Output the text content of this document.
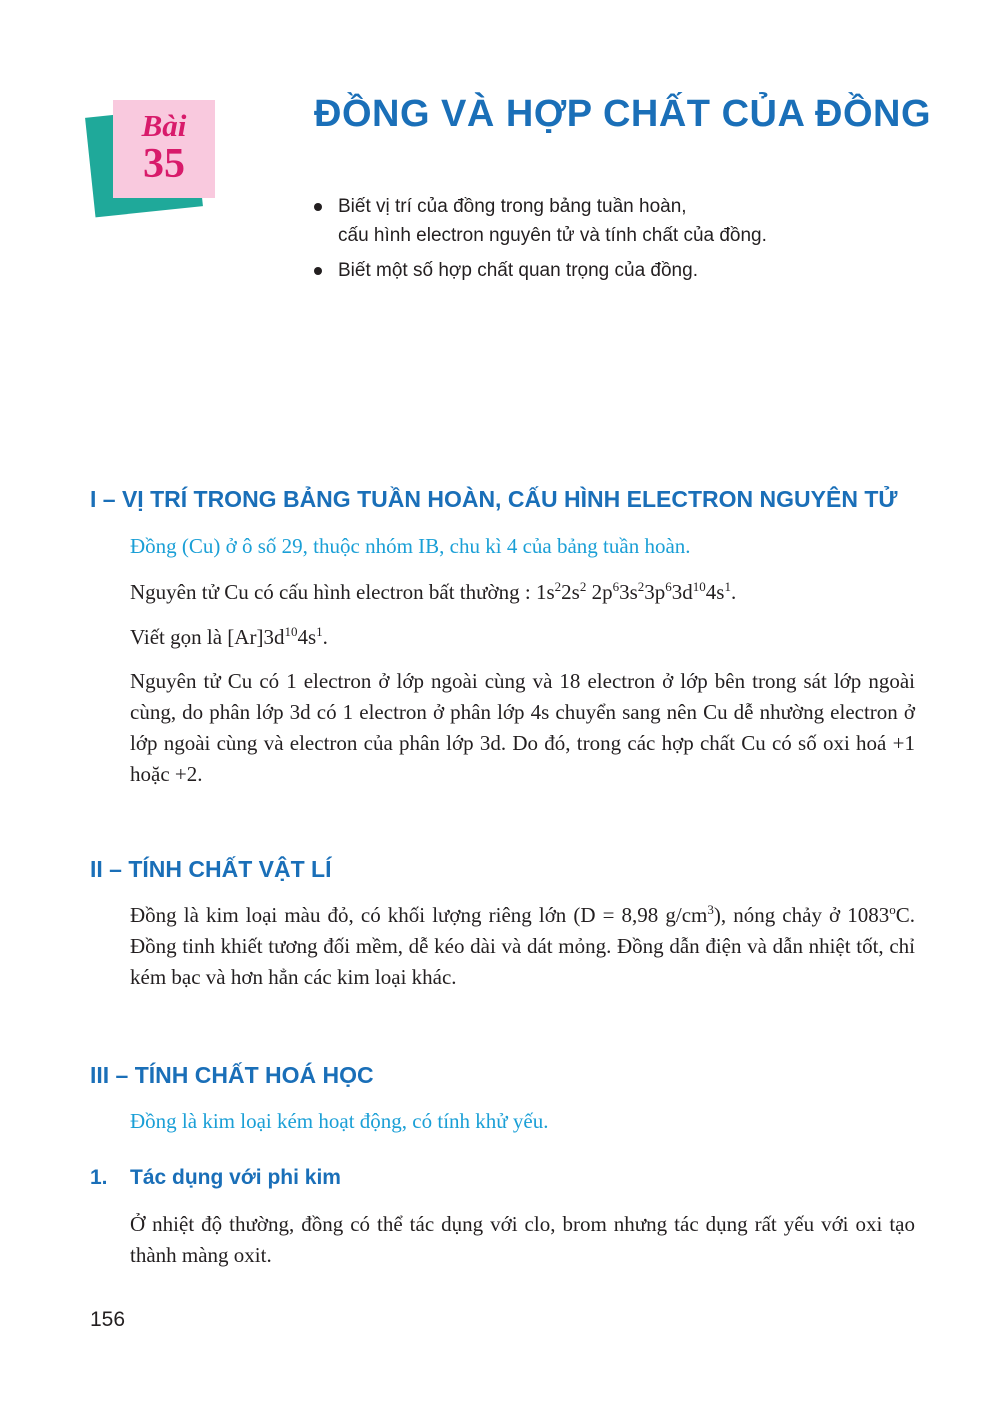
Bài
35
ĐỒNG VÀ HỢP CHẤT CỦA ĐỒNG
Biết vị trí của đồng trong bảng tuần hoàn,
cấu hình electron nguyên tử và tính chất của đồng.
Biết một số hợp chất quan trọng của đồng.
I – VỊ TRÍ TRONG BẢNG TUẦN HOÀN, CẤU HÌNH ELECTRON NGUYÊN TỬ
Đồng (Cu) ở ô số 29, thuộc nhóm IB, chu kì 4 của bảng tuần hoàn.
Nguyên tử Cu có cấu hình electron bất thường : $1s^22s^2$ $2p^63s^23p^63d^{10}4s^1$.
Viết gọn là $[Ar]3d^{10}4s^1$.
Nguyên tử Cu có 1 electron ở lớp ngoài cùng và 18 electron ở lớp bên trong sát lớp ngoài cùng, do phân lớp 3d có 1 electron ở phân lớp 4s chuyển sang nên Cu dễ nhường electron ở lớp ngoài cùng và electron của phân lớp 3d. Do đó, trong các hợp chất Cu có số oxi hoá +1 hoặc +2.
II – TÍNH CHẤT VẬT LÍ
Đồng là kim loại màu đỏ, có khối lượng riêng lớn (D = 8,98 $g/cm^3$), nóng chảy ở 1083$^o$C. Đồng tinh khiết tương đối mềm, dễ kéo dài và dát mỏng. Đồng dẫn điện và dẫn nhiệt tốt, chỉ kém bạc và hơn hẳn các kim loại khác.
III – TÍNH CHẤT HOÁ HỌC
Đồng là kim loại kém hoạt động, có tính khử yếu.
1. Tác dụng với phi kim
Ở nhiệt độ thường, đồng có thể tác dụng với clo, brom nhưng tác dụng rất yếu với oxi tạo thành màng oxit.
156
